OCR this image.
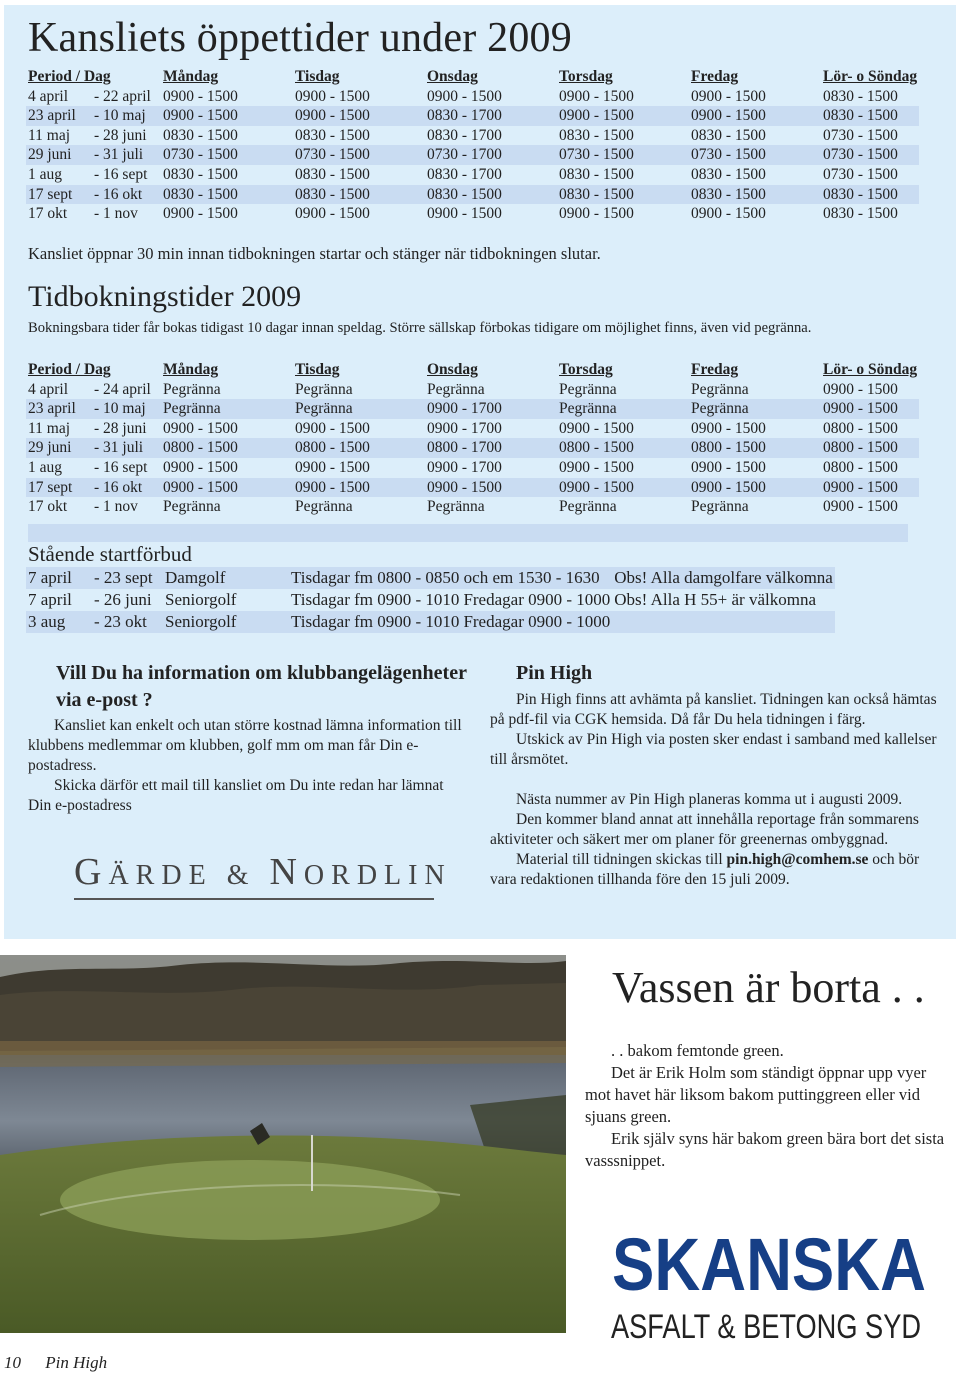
Kansliets öppettider under 2009
Period / Dag		Måndag	Tisdag	Onsdag	Torsdag	Fredag	Lör- o Söndag
4 april	- 22 april	0900 - 1500	0900 - 1500	0900 - 1500	0900 - 1500	0900 - 1500	0830 - 1500
23 april	- 10 maj	0900 - 1500	0900 - 1500	0830 - 1700	0900 - 1500	0900 - 1500	0830 - 1500
11 maj	- 28 juni	0830 - 1500	0830 - 1500	0830 - 1700	0830 - 1500	0830 - 1500	0730 - 1500
29 juni	- 31 juli	0730 - 1500	0730 - 1500	0730 - 1700	0730 - 1500	0730 - 1500	0730 - 1500
1 aug	- 16 sept	0830 - 1500	0830 - 1500	0830 - 1700	0830 - 1500	0830 - 1500	0730 - 1500
17 sept	- 16 okt	0830 - 1500	0830 - 1500	0830 - 1500	0830 - 1500	0830 - 1500	0830 - 1500
17 okt	- 1 nov	0900 - 1500	0900 - 1500	0900 - 1500	0900 - 1500	0900 - 1500	0830 - 1500

Kansliet öppnar 30 min innan tidbokningen startar och stänger när tidbokningen slutar.

Tidbokningstider 2009

Bokningsbara tider får bokas tidigast 10 dagar innan speldag. Större sällskap förbokas tidigare om möjlighet finns, även vid pegränna.

Period / Dag		Måndag	Tisdag	Onsdag	Torsdag	Fredag	Lör- o Söndag
4 april	- 24 april	Pegränna	Pegränna	Pegränna	Pegränna	Pegränna	0900 - 1500
23 april	- 10 maj	Pegränna	Pegränna	0900 - 1700	Pegränna	Pegränna	0900 - 1500
11 maj	- 28 juni	0900 - 1500	0900 - 1500	0900 - 1700	0900 - 1500	0900 - 1500	0800 - 1500
29 juni	- 31 juli	0800 - 1500	0800 - 1500	0800 - 1700	0800 - 1500	0800 - 1500	0800 - 1500
1 aug	- 16 sept	0900 - 1500	0900 - 1500	0900 - 1700	0900 - 1500	0900 - 1500	0800 - 1500
17 sept	- 16 okt	0900 - 1500	0900 - 1500	0900 - 1500	0900 - 1500	0900 - 1500	0900 - 1500
17 okt	- 1 nov	Pegränna	Pegränna	Pegränna	Pegränna	Pegränna	0900 - 1500
Stående startförbud
7 april	- 23 sept	Damgolf	Tisdagar fm 0800 - 0850 och em 1530 - 1630		Obs! Alla damgolfare välkomna
7 april	- 26 juni	Seniorgolf	Tisdagar fm 0900 - 1010	Fredagar 0900 - 1000	Obs! Alla H 55+ är välkomna
3 aug	- 23 okt	Seniorgolf	Tisdagar fm 0900 - 1010	Fredagar 0900 - 1000	
Vill Du ha information om klubbangelägenheter via e-post ?

Kansliet kan enkelt och utan större kostnad lämna information till klubbens medlemmar om klubben, golf mm om man får Din e-postadress.

Skicka därför ett mail till kansliet om Du inte redan har lämnat Din e-postadress

GÄRDE & NORDLIN
Pin High

Pin High finns att avhämta på kansliet. Tidningen kan också hämtas på pdf-fil via CGK hemsida. Då får Du hela tidningen i färg.

Utskick av Pin High via posten sker endast i samband med kallelser till årsmötet.

Nästa nummer av Pin High planeras komma ut i augusti 2009.

Den kommer bland annat att innehålla reportage från sommarens aktiviteter och säkert mer om planer för greenernas ombyggnad.

Material till tidningen skickas till pin.high@comhem.se och bör vara redaktionen tillhanda före den 15 juli 2009.

Vassen är borta . .

. . bakom femtonde green.

Det är Erik Holm som ständigt öppnar upp vyer mot havet här liksom bakom puttinggreen eller vid sjuans green.

Erik själv syns här bakom green bära bort det sista vasssnippet.

SKANSKA
ASFALT & BETONG SYD
10 Pin High
